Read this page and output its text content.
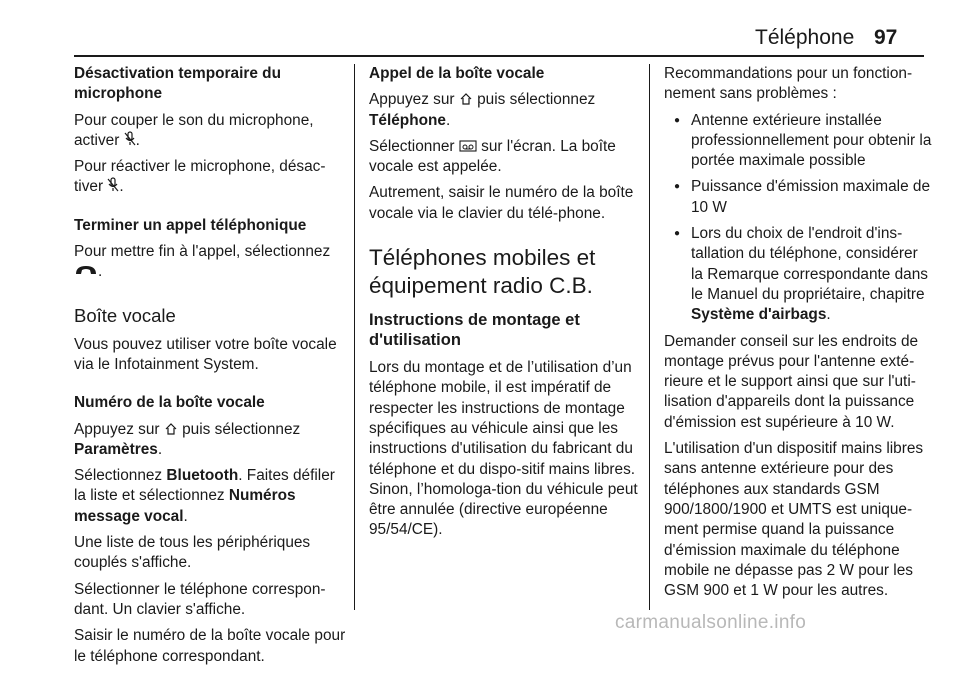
Téléphone 97

Désactivation temporaire du microphone

Pour couper le son du microphone, activer .

Pour réactiver le microphone, désac-tiver .

Terminer un appel téléphonique

Pour mettre fin à l'appel, sélectionnez
.

Boîte vocale

Vous pouvez utiliser votre boîte vocale via le Infotainment System.

Numéro de la boîte vocale

Appuyez sur puis sélectionnez
Paramètres.

Sélectionnez Bluetooth. Faites défiler la liste et sélectionnez Numéros message vocal.

Une liste de tous les périphériques couplés s'affiche.

Sélectionner le téléphone correspon-dant. Un clavier s'affiche.

Saisir le numéro de la boîte vocale pour le téléphone correspondant.

Appel de la boîte vocale

Appuyez sur puis sélectionnez
Téléphone.

Sélectionner sur l'écran. La boîte vocale est appelée.

Autrement, saisir le numéro de la boîte vocale via le clavier du télé-phone.

Téléphones mobiles et équipement radio C.B.
Instructions de montage et d'utilisation

Lors du montage et de l’utilisation d’un téléphone mobile, il est impératif de respecter les instructions de montage spécifiques au véhicule ainsi que les instructions d'utilisation du fabricant du téléphone et du dispo-sitif mains libres. Sinon, l’homologa-tion du véhicule peut être annulée (directive européenne 95/54/CE).

Recommandations pour un fonction-nement sans problèmes :

● Antenne extérieure installée professionnellement pour obtenir la portée maximale possible
● Puissance d'émission maximale de 10 W
● Lors du choix de l'endroit d'ins-tallation du téléphone, considérer la Remarque correspondante dans le Manuel du propriétaire, chapitre Système d'airbags.

Demander conseil sur les endroits de montage prévus pour l'antenne exté-rieure et le support ainsi que sur l'uti-lisation d'appareils dont la puissance d'émission est supérieure à 10 W.

L'utilisation d'un dispositif mains libres sans antenne extérieure pour des téléphones aux standards GSM 900/1800/1900 et UMTS est unique-ment permise quand la puissance d'émission maximale du téléphone mobile ne dépasse pas 2 W pour les GSM 900 et 1 W pour les autres.

carmanualsonline.info
